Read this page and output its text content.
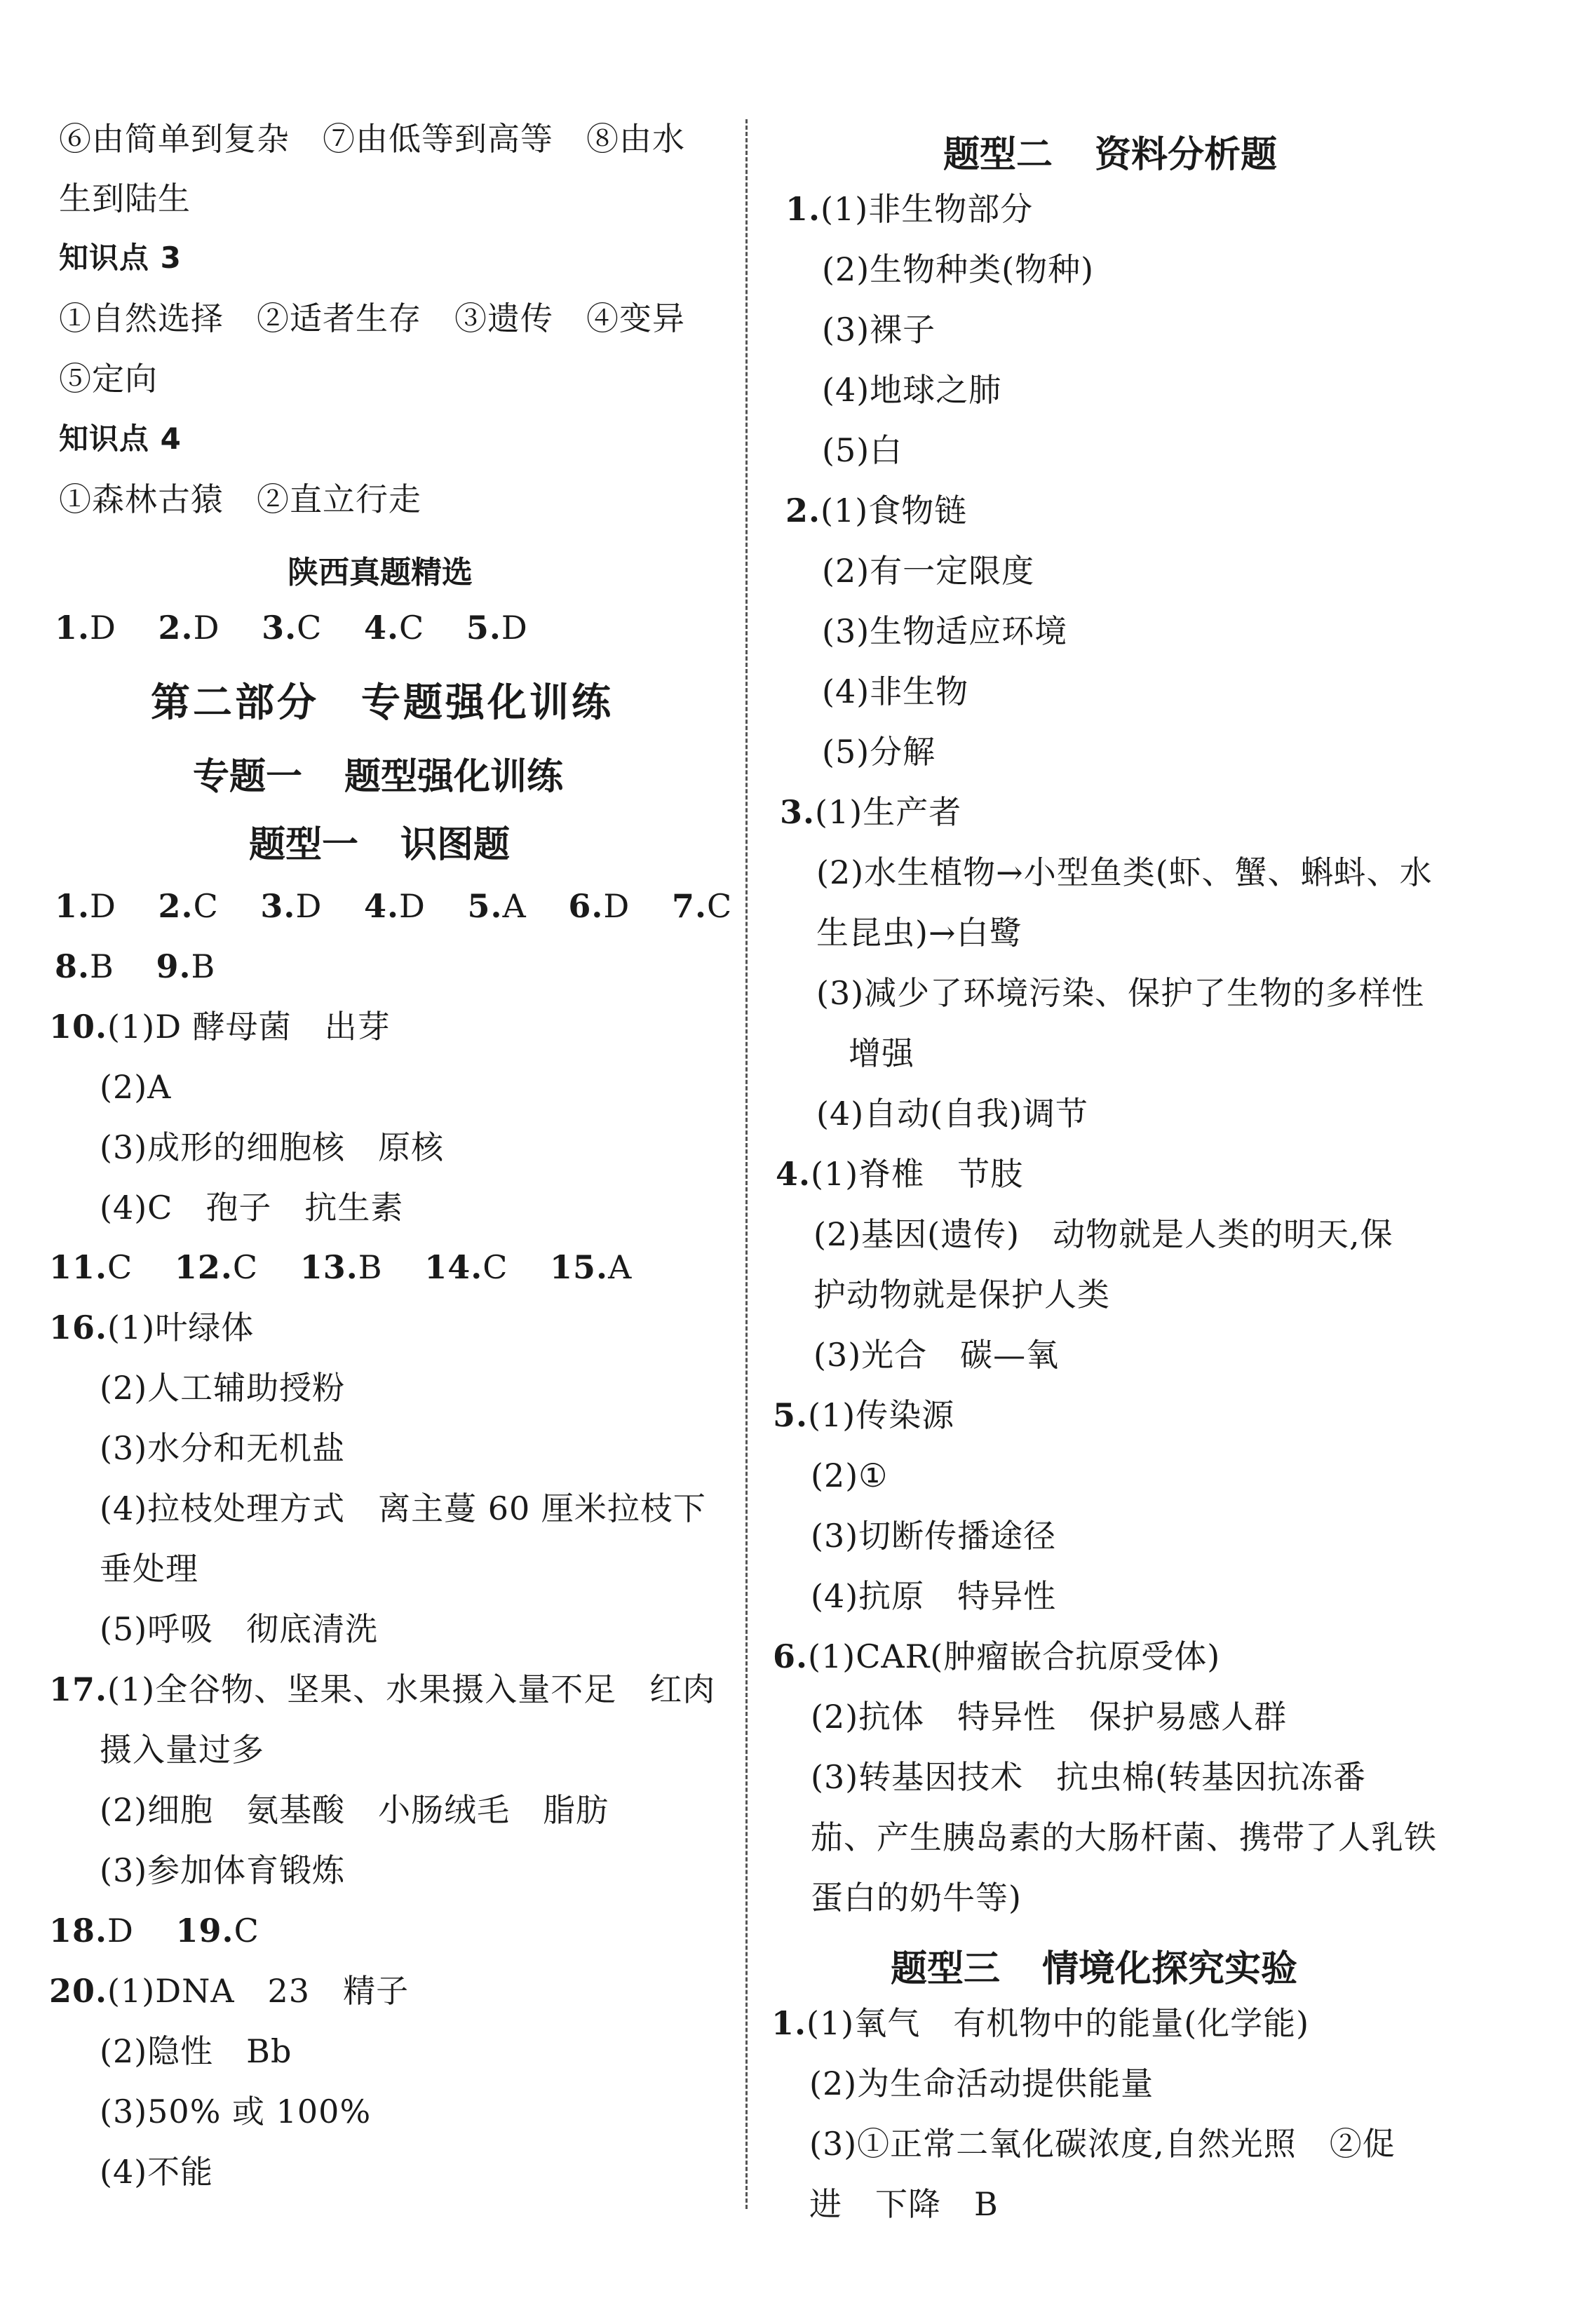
⑥由简单到复杂　⑦由低等到高等　⑧由水
生到陆生
知识点 3
①自然选择　②适者生存　③遗传　④变异
⑤定向
知识点 4
①森林古猿　②直立行走
陕西真题精选
1.D 2.D 3.C 4.C 5.D
第二部分 专题强化训练
专题一 题型强化训练
题型一 识图题
1.D 2.C 3.D 4.D 5.A 6.D 7.C
8.B 9.B
10.(1)D 酵母菌　出芽
(2)A
(3)成形的细胞核　原核
(4)C　孢子　抗生素
11.C 12.C 13.B 14.C 15.A
16.(1)叶绿体
(2)人工辅助授粉
(3)水分和无机盐
(4)拉枝处理方式　离主蔓 60 厘米拉枝下
垂处理
(5)呼吸　彻底清洗
17.(1)全谷物、坚果、水果摄入量不足　红肉
摄入量过多
(2)细胞　氨基酸　小肠绒毛　脂肪
(3)参加体育锻炼
18.D 19.C
20.(1)DNA　23　精子
(2)隐性　Bb
(3)50% 或 100%
(4)不能
题型二 资料分析题
1.(1)非生物部分
(2)生物种类(物种)
(3)裸子
(4)地球之肺
(5)白
2.(1)食物链
(2)有一定限度
(3)生物适应环境
(4)非生物
(5)分解
3.(1)生产者
(2)水生植物→小型鱼类(虾、蟹、蝌蚪、水
生昆虫)→白鹭
(3)减少了环境污染、保护了生物的多样性
增强
(4)自动(自我)调节
4.(1)脊椎　节肢
(2)基因(遗传)　动物就是人类的明天,保
护动物就是保护人类
(3)光合　碳—氧
5.(1)传染源
(2)①
(3)切断传播途径
(4)抗原　特异性
6.(1)CAR(肿瘤嵌合抗原受体)
(2)抗体　特异性　保护易感人群
(3)转基因技术　抗虫棉(转基因抗冻番
茄、产生胰岛素的大肠杆菌、携带了人乳铁
蛋白的奶牛等)
题型三 情境化探究实验
1.(1)氧气　有机物中的能量(化学能)
(2)为生命活动提供能量
(3)①正常二氧化碳浓度,自然光照　②促
进　下降　B
